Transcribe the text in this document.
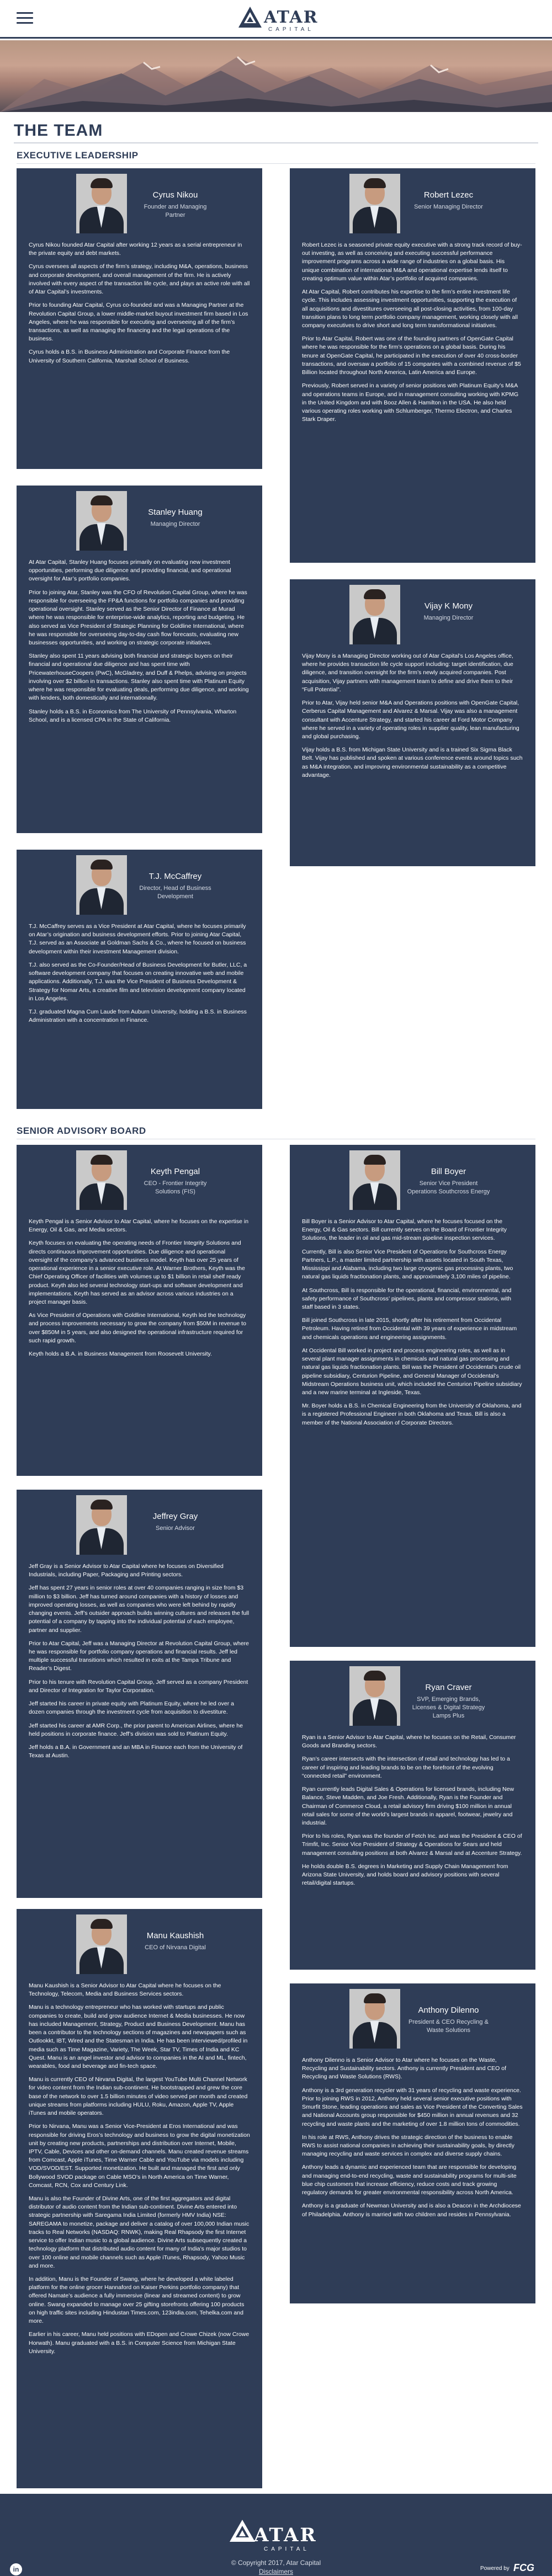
ATAR
CAPITAL
THE TEAM
EXECUTIVE LEADERSHIP
Cyrus Nikou
Founder and Managing Partner

Cyrus Nikou founded Atar Capital after working 12 years as a serial entrepreneur in the private equity and debt markets.

Cyrus oversees all aspects of the firm’s strategy, including M&A, operations, business and corporate development, and overall management of the firm. He is actively involved with every aspect of the transaction life cycle, and plays an active role with all of Atar Capital’s investments.

Prior to founding Atar Capital, Cyrus co-founded and was a Managing Partner at the Revolution Capital Group, a lower middle-market buyout investment firm based in Los Angeles, where he was responsible for executing and overseeing all of the firm’s transactions, as well as managing the financing and the legal operations of the business.

Cyrus holds a B.S. in Business Administration and Corporate Finance from the University of Southern California, Marshall School of Business.

Robert Lezec
Senior Managing Director

Robert Lezec is a seasoned private equity executive with a strong track record of buy-out investing, as well as conceiving and executing successful performance improvement programs across a wide range of industries on a global basis. His unique combination of international M&A and operational expertise lends itself to creating optimum value within Atar’s portfolio of acquired companies.

At Atar Capital, Robert contributes his expertise to the firm’s entire investment life cycle. This includes assessing investment opportunities, supporting the execution of all acquisitions and divestitures overseeing all post-closing activities, from 100-day transition plans to long term portfolio company management, working closely with all company executives to drive short and long term transformational initiatives.

Prior to Atar Capital, Robert was one of the founding partners of OpenGate Capital where he was responsible for the firm’s operations on a global basis. During his tenure at OpenGate Capital, he participated in the execution of over 40 cross-border transactions, and oversaw a portfolio of 15 companies with a combined revenue of $5 Billion located throughout North America, Latin America and Europe.

Previously, Robert served in a variety of senior positions with Platinum Equity’s M&A and operations teams in Europe, and in management consulting working with KPMG in the United Kingdom and with Booz Allen & Hamilton in the USA. He also held various operating roles working with Schlumberger, Thermo Electron, and Charles Stark Draper.

Stanley Huang
Managing Director

At Atar Capital, Stanley Huang focuses primarily on evaluating new investment opportunities, performing due diligence and providing financial, and operational oversight for Atar’s portfolio companies.

Prior to joining Atar, Stanley was the CFO of Revolution Capital Group, where he was responsible for overseeing the FP&A functions for portfolio companies and providing operational oversight. Stanley served as the Senior Director of Finance at Murad where he was responsible for enterprise-wide analytics, reporting and budgeting. He also served as Vice President of Strategic Planning for Goldline International, where he was responsible for overseeing day-to-day cash flow forecasts, evaluating new businesses opportunities, and working on strategic corporate initiatives.

Stanley also spent 11 years advising both financial and strategic buyers on their financial and operational due diligence and has spent time with PricewaterhouseCoopers (PwC), McGladrey, and Duff & Phelps, advising on projects involving over $2 billion in transactions. Stanley also spent time with Platinum Equity where he was responsible for evaluating deals, performing due diligence, and working with lenders, both domestically and internationally.

Stanley holds a B.S. in Economics from The University of Pennsylvania, Wharton School, and is a licensed CPA in the State of California.

Vijay K Mony
Managing Director

Vijay Mony is a Managing Director working out of Atar Capital’s Los Angeles office, where he provides transaction life cycle support including: target identification, due diligence, and transition oversight for the firm’s newly acquired companies. Post acquisition, Vijay partners with management team to define and drive them to their “Full Potential”.

Prior to Atar, Vijay held senior M&A and Operations positions with OpenGate Capital, Cerberus Capital Management and Alvarez & Marsal. Vijay was also a management consultant with Accenture Strategy, and started his career at Ford Motor Company where he served in a variety of operating roles in supplier quality, lean manufacturing and global purchasing.

Vijay holds a B.S. from Michigan State University and is a trained Six Sigma Black Belt. Vijay has published and spoken at various conference events around topics such as M&A integration, and improving environmental sustainability as a competitive advantage.

T.J. McCaffrey
Director, Head of Business Development

T.J. McCaffrey serves as a Vice President at Atar Capital, where he focuses primarily on Atar’s origination and business development efforts. Prior to joining Atar Capital, T.J. served as an Associate at Goldman Sachs & Co., where he focused on business development within their investment Management division.

T.J. also served as the Co-Founder/Head of Business Development for Butler, LLC, a software development company that focuses on creating innovative web and mobile applications. Additionally, T.J. was the Vice President of Business Development & Strategy for Nomar Arts, a creative film and television development company located in Los Angeles.

T.J. graduated Magna Cum Laude from Auburn University, holding a B.S. in Business Administration with a concentration in Finance.

SENIOR ADVISORY BOARD
Keyth Pengal
CEO - Frontier Integrity Solutions (FIS)

Keyth Pengal is a Senior Advisor to Atar Capital, where he focuses on the expertise in Energy, Oil & Gas, and Media sectors.

Keyth focuses on evaluating the operating needs of Frontier Integrity Solutions and directs continuous improvement opportunities. Due diligence and operational oversight of the company’s advanced business model. Keyth has over 25 years of operational experience in a senior executive role. At Warner Brothers, Keyth was the Chief Operating Officer of facilities with volumes up to $1 billion in retail shelf ready product. Keyth also led several technology start-ups and software development and implementations. Keyth has served as an advisor across various industries on a project manager basis.

As Vice President of Operations with Goldline International, Keyth led the technology and process improvements necessary to grow the company from $50M in revenue to over $850M in 5 years, and also designed the operational infrastructure required for such rapid growth.

Keyth holds a B.A. in Business Management from Roosevelt University.

Bill Boyer
Senior Vice President Operations Southcross Energy

Bill Boyer is a Senior Advisor to Atar Capital, where he focuses focused on the Energy, Oil & Gas sectors. Bill currently serves on the Board of Frontier Integrity Solutions, the leader in oil and gas mid-stream pipeline inspection services.

Currently, Bill is also Senior Vice President of Operations for Southcross Energy Partners, L.P., a master limited partnership with assets located in South Texas, Mississippi and Alabama, including two large cryogenic gas processing plants, two natural gas liquids fractionation plants, and approximately 3,100 miles of pipeline.

At Southcross, Bill is responsible for the operational, financial, environmental, and safety performance of Southcross’ pipelines, plants and compressor stations, with staff based in 3 states.

Bill joined Southcross in late 2015, shortly after his retirement from Occidental Petroleum. Having retired from Occidental with 39 years of experience in midstream and chemicals operations and engineering assignments.

At Occidental Bill worked in project and process engineering roles, as well as in several plant manager assignments in chemicals and natural gas processing and natural gas liquids fractionation plants. Bill was the President of Occidental’s crude oil pipeline subsidiary, Centurion Pipeline, and General Manager of Occidental’s Midstream Operations business unit, which included the Centurion Pipeline subsidiary and a new marine terminal at Ingleside, Texas.

Mr. Boyer holds a B.S. in Chemical Engineering from the University of Oklahoma, and is a registered Professional Engineer in both Oklahoma and Texas. Bill is also a member of the National Association of Corporate Directors.

Jeffrey Gray
Senior Advisor

Jeff Gray is a Senior Advisor to Atar Capital where he focuses on Diversified Industrials, including Paper, Packaging and Printing sectors.

Jeff has spent 27 years in senior roles at over 40 companies ranging in size from $3 million to $3 billion. Jeff has turned around companies with a history of losses and improved operating losses, as well as companies who were left behind by rapidly changing events. Jeff’s outsider approach builds winning cultures and releases the full potential of a company by tapping into the individual potential of each employee, partner and supplier.

Prior to Atar Capital, Jeff was a Managing Director at Revolution Capital Group, where he was responsible for portfolio company operations and financial results. Jeff led multiple successful transitions which resulted in exits at the Tampa Tribune and Reader’s Digest.

Prior to his tenure with Revolution Capital Group, Jeff served as a company President and Director of Integration for Taylor Corporation.

Jeff started his career in private equity with Platinum Equity, where he led over a dozen companies through the investment cycle from acquisition to divestiture.

Jeff started his career at AMR Corp., the prior parent to American Airlines, where he held positions in corporate finance. Jeff’s division was sold to Platinum Equity.

Jeff holds a B.A. in Government and an MBA in Finance each from the University of Texas at Austin.

Ryan Craver
SVP, Emerging Brands, Licenses & Digital Strategy Lamps Plus

Ryan is a Senior Advisor to Atar Capital, where he focuses on the Retail, Consumer Goods and Branding sectors.

Ryan’s career intersects with the intersection of retail and technology has led to a career of inspiring and leading brands to be on the forefront of the evolving “connected retail” environment.

Ryan currently leads Digital Sales & Operations for licensed brands, including New Balance, Steve Madden, and Joe Fresh. Additionally, Ryan is the Founder and Chairman of Commerce Cloud, a retail advisory firm driving $100 million in annual retail sales for some of the world’s largest brands in apparel, footwear, jewelry and industrial.

Prior to his roles, Ryan was the founder of Fetch Inc. and was the President & CEO of Trimfit, Inc. Senior Vice President of Strategy & Operations for Sears and held management consulting positions at both Alvarez & Marsal and at Accenture Strategy.

He holds double B.S. degrees in Marketing and Supply Chain Management from Arizona State University, and holds board and advisory positions with several retail/digital startups.

Manu Kaushish
CEO of Nirvana Digital

Manu Kaushish is a Senior Advisor to Atar Capital where he focuses on the Technology, Telecom, Media and Business Services sectors.

Manu is a technology entrepreneur who has worked with startups and public companies to create, build and grow audience Internet & Media businesses. He now has included Management, Strategy, Product and Business Development. Manu has been a contributor to the technology sections of magazines and newspapers such as Outlookkt, IBT, Wired and the Statesman in India. He has been interviewed/profiled in media such as Time Magazine, Variety, The Week, Star TV, Times of India and KC Quest. Manu is an angel investor and advisor to companies in the AI and ML, fintech, wearables, food and beverage and fin-tech space.

Manu is currently CEO of Nirvana Digital, the largest YouTube Multi Channel Network for video content from the Indian sub-continent. He bootstrapped and grew the core base of the network to over 1.5 billion minutes of video served per month and created unique streams from platforms including HULU, Roku, Amazon, Apple TV, Apple iTunes and mobile operators.

Prior to Nirvana, Manu was a Senior Vice-President at Eros International and was responsible for driving Eros’s technology and business to grow the digital monetization unit by creating new products, partnerships and distribution over Internet, Mobile, IPTV, Cable, Devices and other on-demand channels. Manu created revenue streams from Comcast, Apple iTunes, Time Warner Cable and YouTube via models including VOD/SVOD/EST. Supported monetization. He built and managed the first and only Bollywood SVOD package on Cable MSO’s in North America on Time Warner, Comcast, RCN, Cox and Century Link.

Manu is also the Founder of Divine Arts, one of the first aggregators and digital distributor of audio content from the Indian sub-continent. Divine Arts entered into strategic partnership with Saregama India Limited (formerly HMV India) NSE: SAREGAMA to monetize, package and deliver a catalog of over 100,000 Indian music tracks to Real Networks (NASDAQ: RNWK), making Real Rhapsody the first Internet service to offer Indian music to a global audience. Divine Arts subsequently created a technology platform that distributed audio content for many of India’s major studios to over 100 online and mobile channels such as Apple iTunes, Rhapsody, Yahoo Music and more.

In addition, Manu is the Founder of Swang, where he developed a white labeled platform for the online grocer Hannaford on Kaiser Perkins portfolio company) that offered Namate’s audience a fully immersive (linear and streamed content) to grow online. Swang expanded to manage over 25 gifting storefronts offering 100 products on high traffic sites including Hindustan Times.com, 123india.com, Tehelka.com and more.

Earlier in his career, Manu held positions with EDopen and Crowe Chizek (now Crowe Horwath). Manu graduated with a B.S. in Computer Science from Michigan State University.

Anthony Dilenno
President & CEO Recycling & Waste Solutions

Anthony Dilenno is a Senior Advisor to Atar where he focuses on the Waste, Recycling and Sustainability sectors. Anthony is currently President and CEO of Recycling and Waste Solutions (RWS).

Anthony is a 3rd generation recycler with 31 years of recycling and waste experience. Prior to joining RWS in 2012, Anthony held several senior executive positions with Smurfit Stone, leading operations and sales as Vice President of the Converting Sales and National Accounts group responsible for $450 million in annual revenues and 32 recycling and waste plants and the marketing of over 1.8 million tons of commodities.

In his role at RWS, Anthony drives the strategic direction of the business to enable RWS to assist national companies in achieving their sustainability goals, by directly managing recycling and waste services in complex and diverse supply chains.

Anthony leads a dynamic and experienced team that are responsible for developing and managing end-to-end recycling, waste and sustainability programs for multi-site blue chip customers that increase efficiency, reduce costs and track growing regulatory demands for greater environmental responsibility across North America.

Anthony is a graduate of Newman University and is also a Deacon in the Archdiocese of Philadelphia. Anthony is married with two children and resides in Pennsylvania.

ATAR
CAPITAL
in
© Copyright 2017, Atar Capital
Disclaimers	Powered by FCG
